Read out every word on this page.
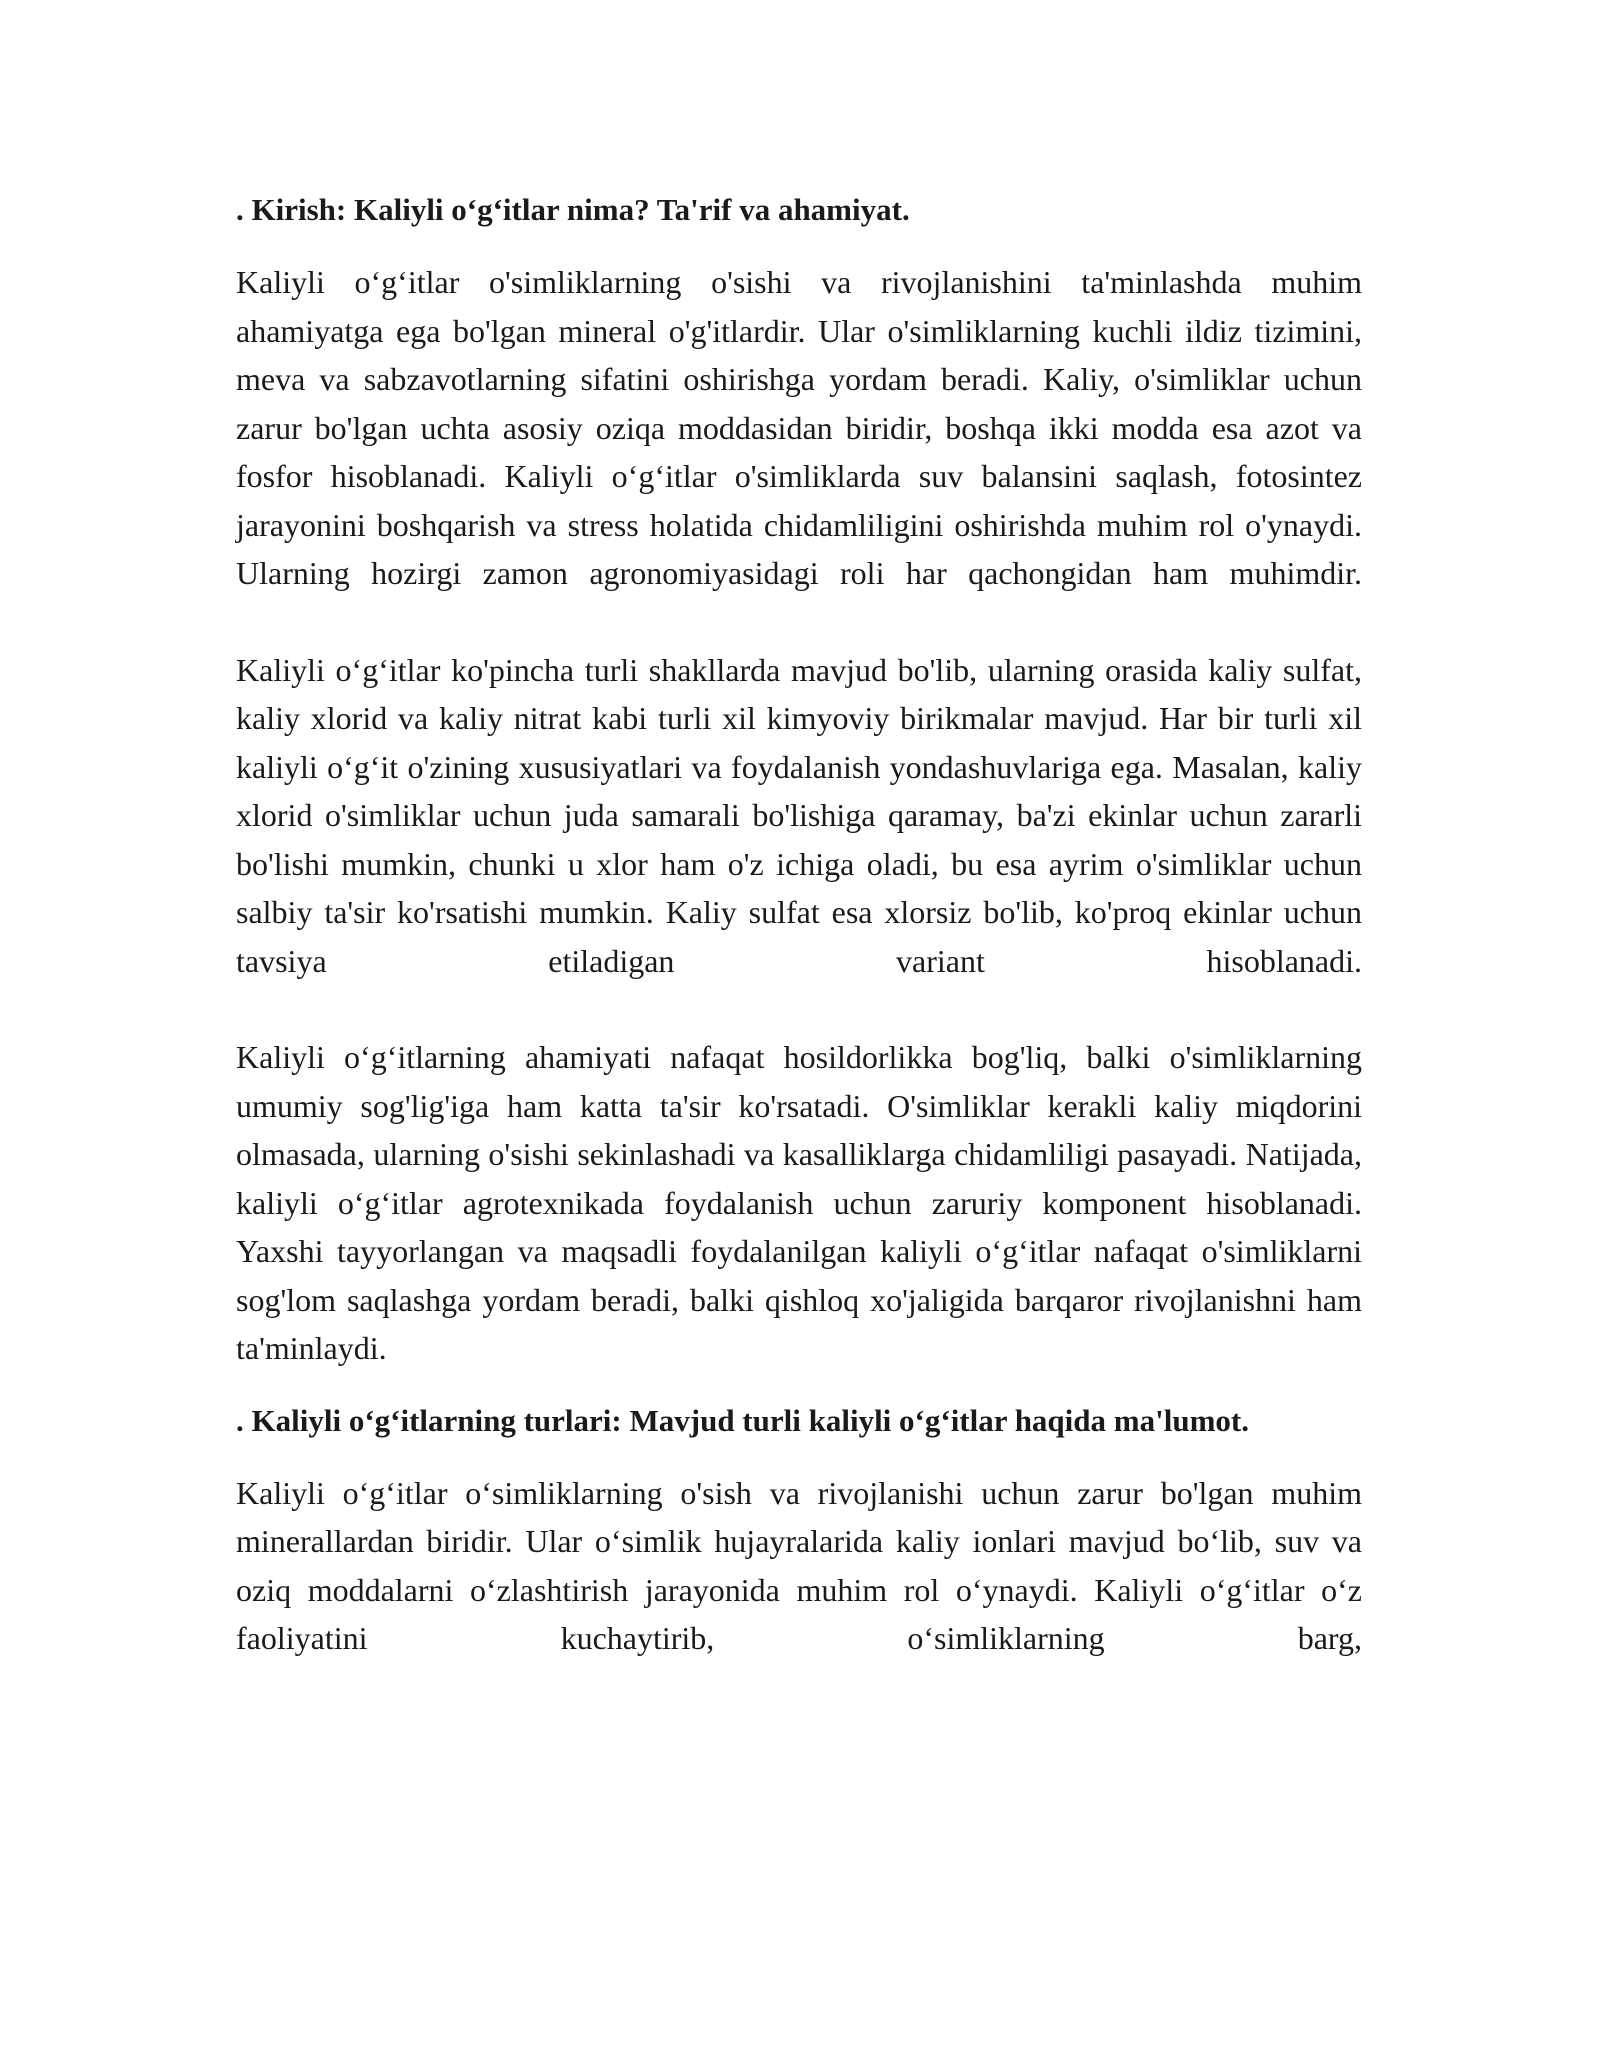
. Kirish: Kaliyli o‘g‘itlar nima? Ta'rif va ahamiyat.

Kaliyli o‘g‘itlar o'simliklarning o'sishi va rivojlanishini ta'minlashda muhim ahamiyatga ega bo'lgan mineral o'g'itlardir. Ular o'simliklarning kuchli ildiz tizimini, meva va sabzavotlarning sifatini oshirishga yordam beradi. Kaliy, o'simliklar uchun zarur bo'lgan uchta asosiy oziqa moddasidan biridir, boshqa ikki modda esa azot va fosfor hisoblanadi. Kaliyli o‘g‘itlar o'simliklarda suv balansini saqlash, fotosintez jarayonini boshqarish va stress holatida chidamliligini oshirishda muhim rol o'ynaydi. Ularning hozirgi zamon agronomiyasidagi roli har qachongidan ham muhimdir.

Kaliyli o‘g‘itlar ko'pincha turli shakllarda mavjud bo'lib, ularning orasida kaliy sulfat, kaliy xlorid va kaliy nitrat kabi turli xil kimyoviy birikmalar mavjud. Har bir turli xil kaliyli o‘g‘it o'zining xususiyatlari va foydalanish yondashuvlariga ega. Masalan, kaliy xlorid o'simliklar uchun juda samarali bo'lishiga qaramay, ba'zi ekinlar uchun zararli bo'lishi mumkin, chunki u xlor ham o'z ichiga oladi, bu esa ayrim o'simliklar uchun salbiy ta'sir ko'rsatishi mumkin. Kaliy sulfat esa xlorsiz bo'lib, ko'proq ekinlar uchun tavsiya etiladigan variant hisoblanadi.

Kaliyli o‘g‘itlarning ahamiyati nafaqat hosildorlikka bog'liq, balki o'simliklarning umumiy sog'lig'iga ham katta ta'sir ko'rsatadi. O'simliklar kerakli kaliy miqdorini olmasada, ularning o'sishi sekinlashadi va kasalliklarga chidamliligi pasayadi. Natijada, kaliyli o‘g‘itlar agrotexnikada foydalanish uchun zaruriy komponent hisoblanadi. Yaxshi tayyorlangan va maqsadli foydalanilgan kaliyli o‘g‘itlar nafaqat o'simliklarni sog'lom saqlashga yordam beradi, balki qishloq xo'jaligida barqaror rivojlanishni ham ta'minlaydi.

. Kaliyli o‘g‘itlarning turlari: Mavjud turli kaliyli o‘g‘itlar haqida ma'lumot.

Kaliyli o‘g‘itlar o‘simliklarning o'sish va rivojlanishi uchun zarur bo'lgan muhim minerallardan biridir. Ular o‘simlik hujayralarida kaliy ionlari mavjud bo‘lib, suv va oziq moddalarni o‘zlashtirish jarayonida muhim rol o‘ynaydi. Kaliyli o‘g‘itlar o‘z faoliyatini kuchaytirib, o‘simliklarning barg,
